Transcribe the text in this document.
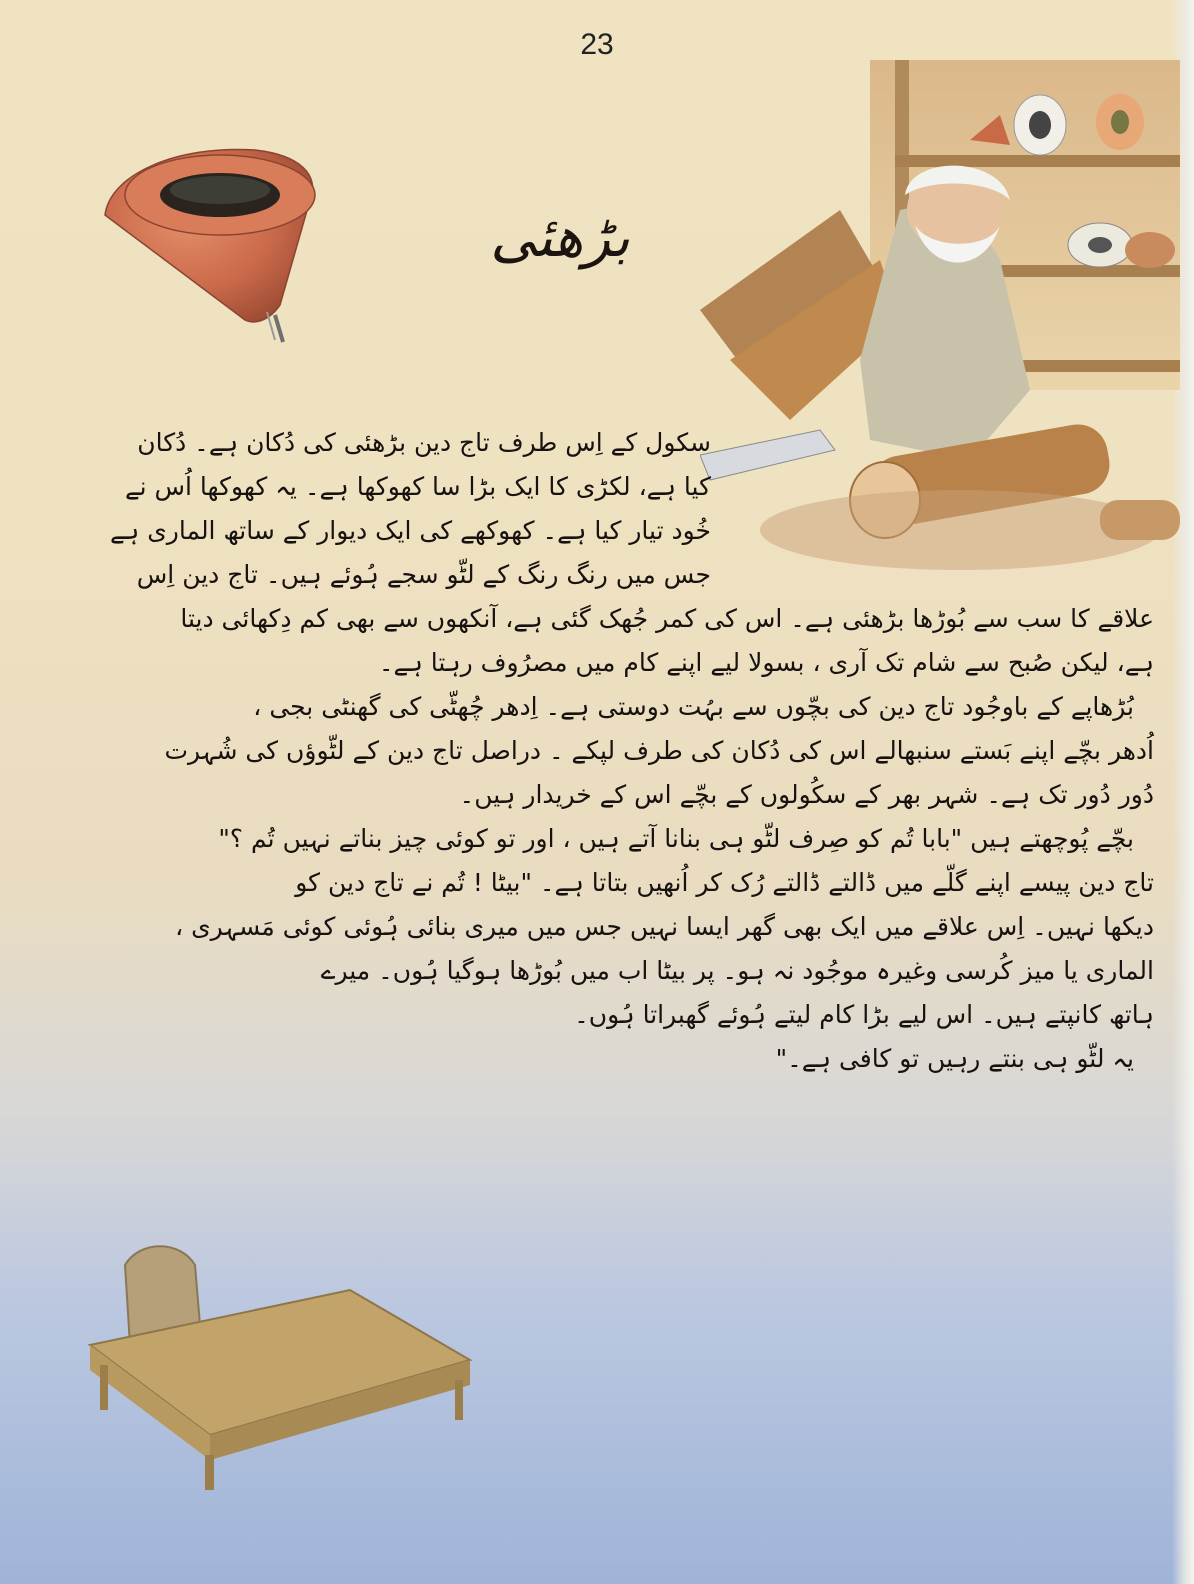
23
بڑھئی
سکول کے اِس طرف تاج دین بڑھئی کی دُکان ہے۔ دُکان
کیا ہے، لکڑی کا ایک بڑا سا کھوکھا ہے۔ یہ کھوکھا اُس نے
خُود تیار کیا ہے۔ کھوکھے کی ایک دیوار کے ساتھ الماری ہے
جس میں رنگ رنگ کے لٹّو سجے ہُوئے ہیں۔ تاج دین اِس
علاقے کا سب سے بُوڑھا بڑھئی ہے۔ اس کی کمر جُھک گئی ہے، آنکھوں سے بھی کم دِکھائی دیتا
ہے، لیکن صُبح سے شام تک آری ، بسولا لیے اپنے کام میں مصرُوف رہتا ہے۔
بُڑھاپے کے باوجُود تاج دین کی بچّوں سے بہُت دوستی ہے۔ اِدھر چُھٹّی کی گھنٹی بجی ،
اُدھر بچّے اپنے بَستے سنبھالے اس کی دُکان کی طرف لپکے ۔ دراصل تاج دین کے لٹّوؤں کی شُہرت
دُور دُور تک ہے۔ شہر بھر کے سکُولوں کے بچّے اس کے خریدار ہیں۔
بچّے پُوچھتے ہیں "بابا تُم کو صِرف لٹّو ہی بنانا آتے ہیں ، اور تو کوئی چیز بناتے نہیں تُم ؟"
تاج دین پیسے اپنے گلّے میں ڈالتے ڈالتے رُک کر اُنھیں بتاتا ہے۔ "بیٹا ! تُم نے تاج دین کو
دیکھا نہیں۔ اِس علاقے میں ایک بھی گھر ایسا نہیں جس میں میری بنائی ہُوئی کوئی مَسہری ،
الماری یا میز کُرسی وغیرہ موجُود نہ ہو۔ پر بیٹا اب میں بُوڑھا ہوگیا ہُوں۔ میرے
ہاتھ کانپتے ہیں۔ اس لیے بڑا کام لیتے ہُوئے گھبراتا ہُوں۔
یہ لٹّو ہی بنتے رہیں تو کافی ہے۔"
